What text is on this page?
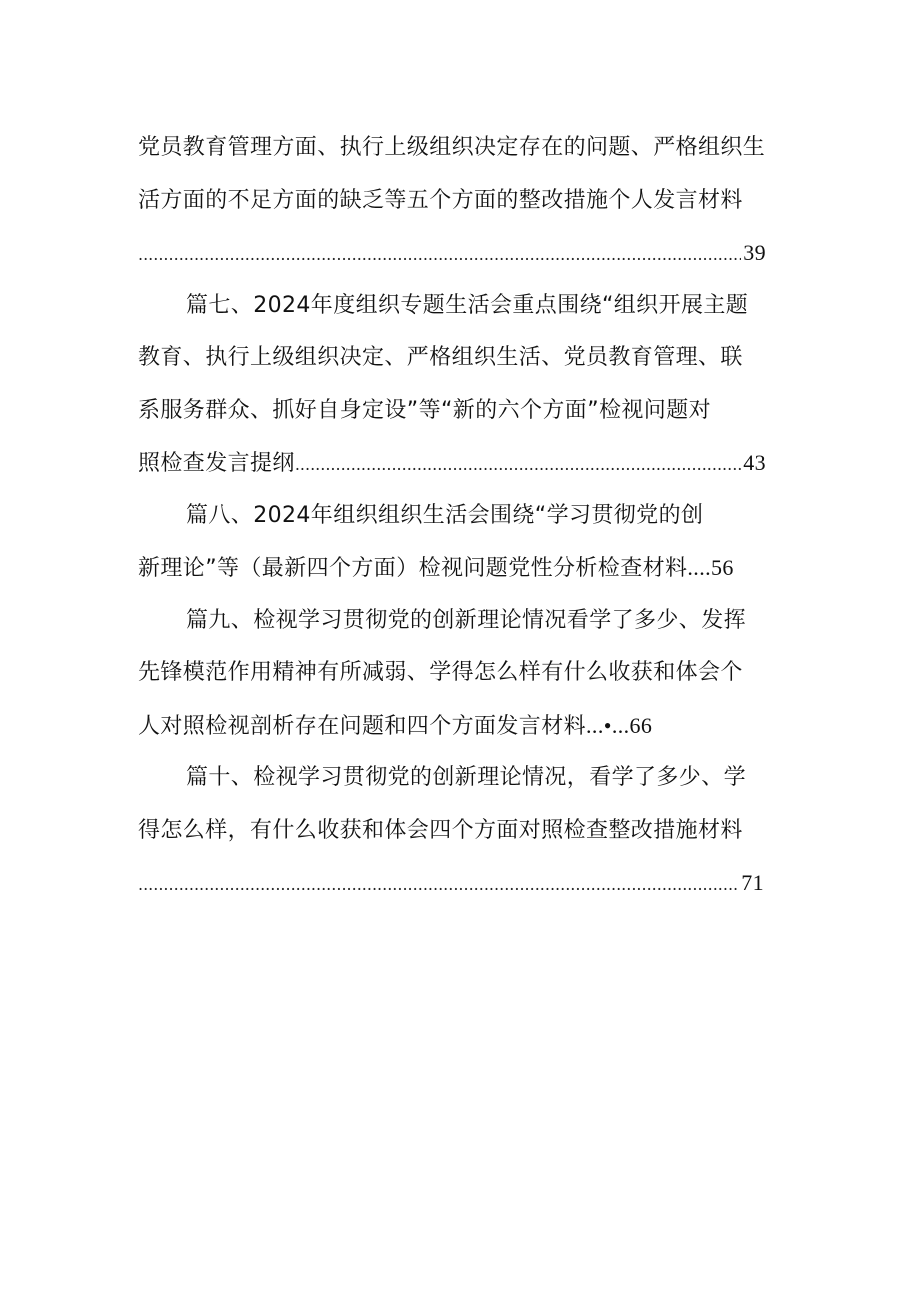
党员教育管理方面、执行上级组织决定存在的问题、严格组织生
活方面的不足方面的缺乏等五个方面的整改措施个人发言材料
.....
39
篇七、2024年度组织专题生活会重点围绕“组织开展主题
教育、执行上级组织决定、严格组织生活、党员教育管理、联
系服务群众、抓好自身定设”等“新的六个方面”检视问题对
照检查发言提纲 .....	43
篇八、2024年组织组织生活会围绕“学习贯彻党的创
新理论”等（最新四个方面）检视问题党性分析检查材料 ....56
篇九、检视学习贯彻党的创新理论情况看学了多少、发挥
先锋模范作用精神有所减弱、学得怎么样有什么收获和体会个
人对照检视剖析存在问题和四个方面发言材料 ...•...66
篇十、检视学习贯彻党的创新理论情况，看学了多少、学
得怎么样，有什么收获和体会四个方面对照检查整改措施材料
.....
71
